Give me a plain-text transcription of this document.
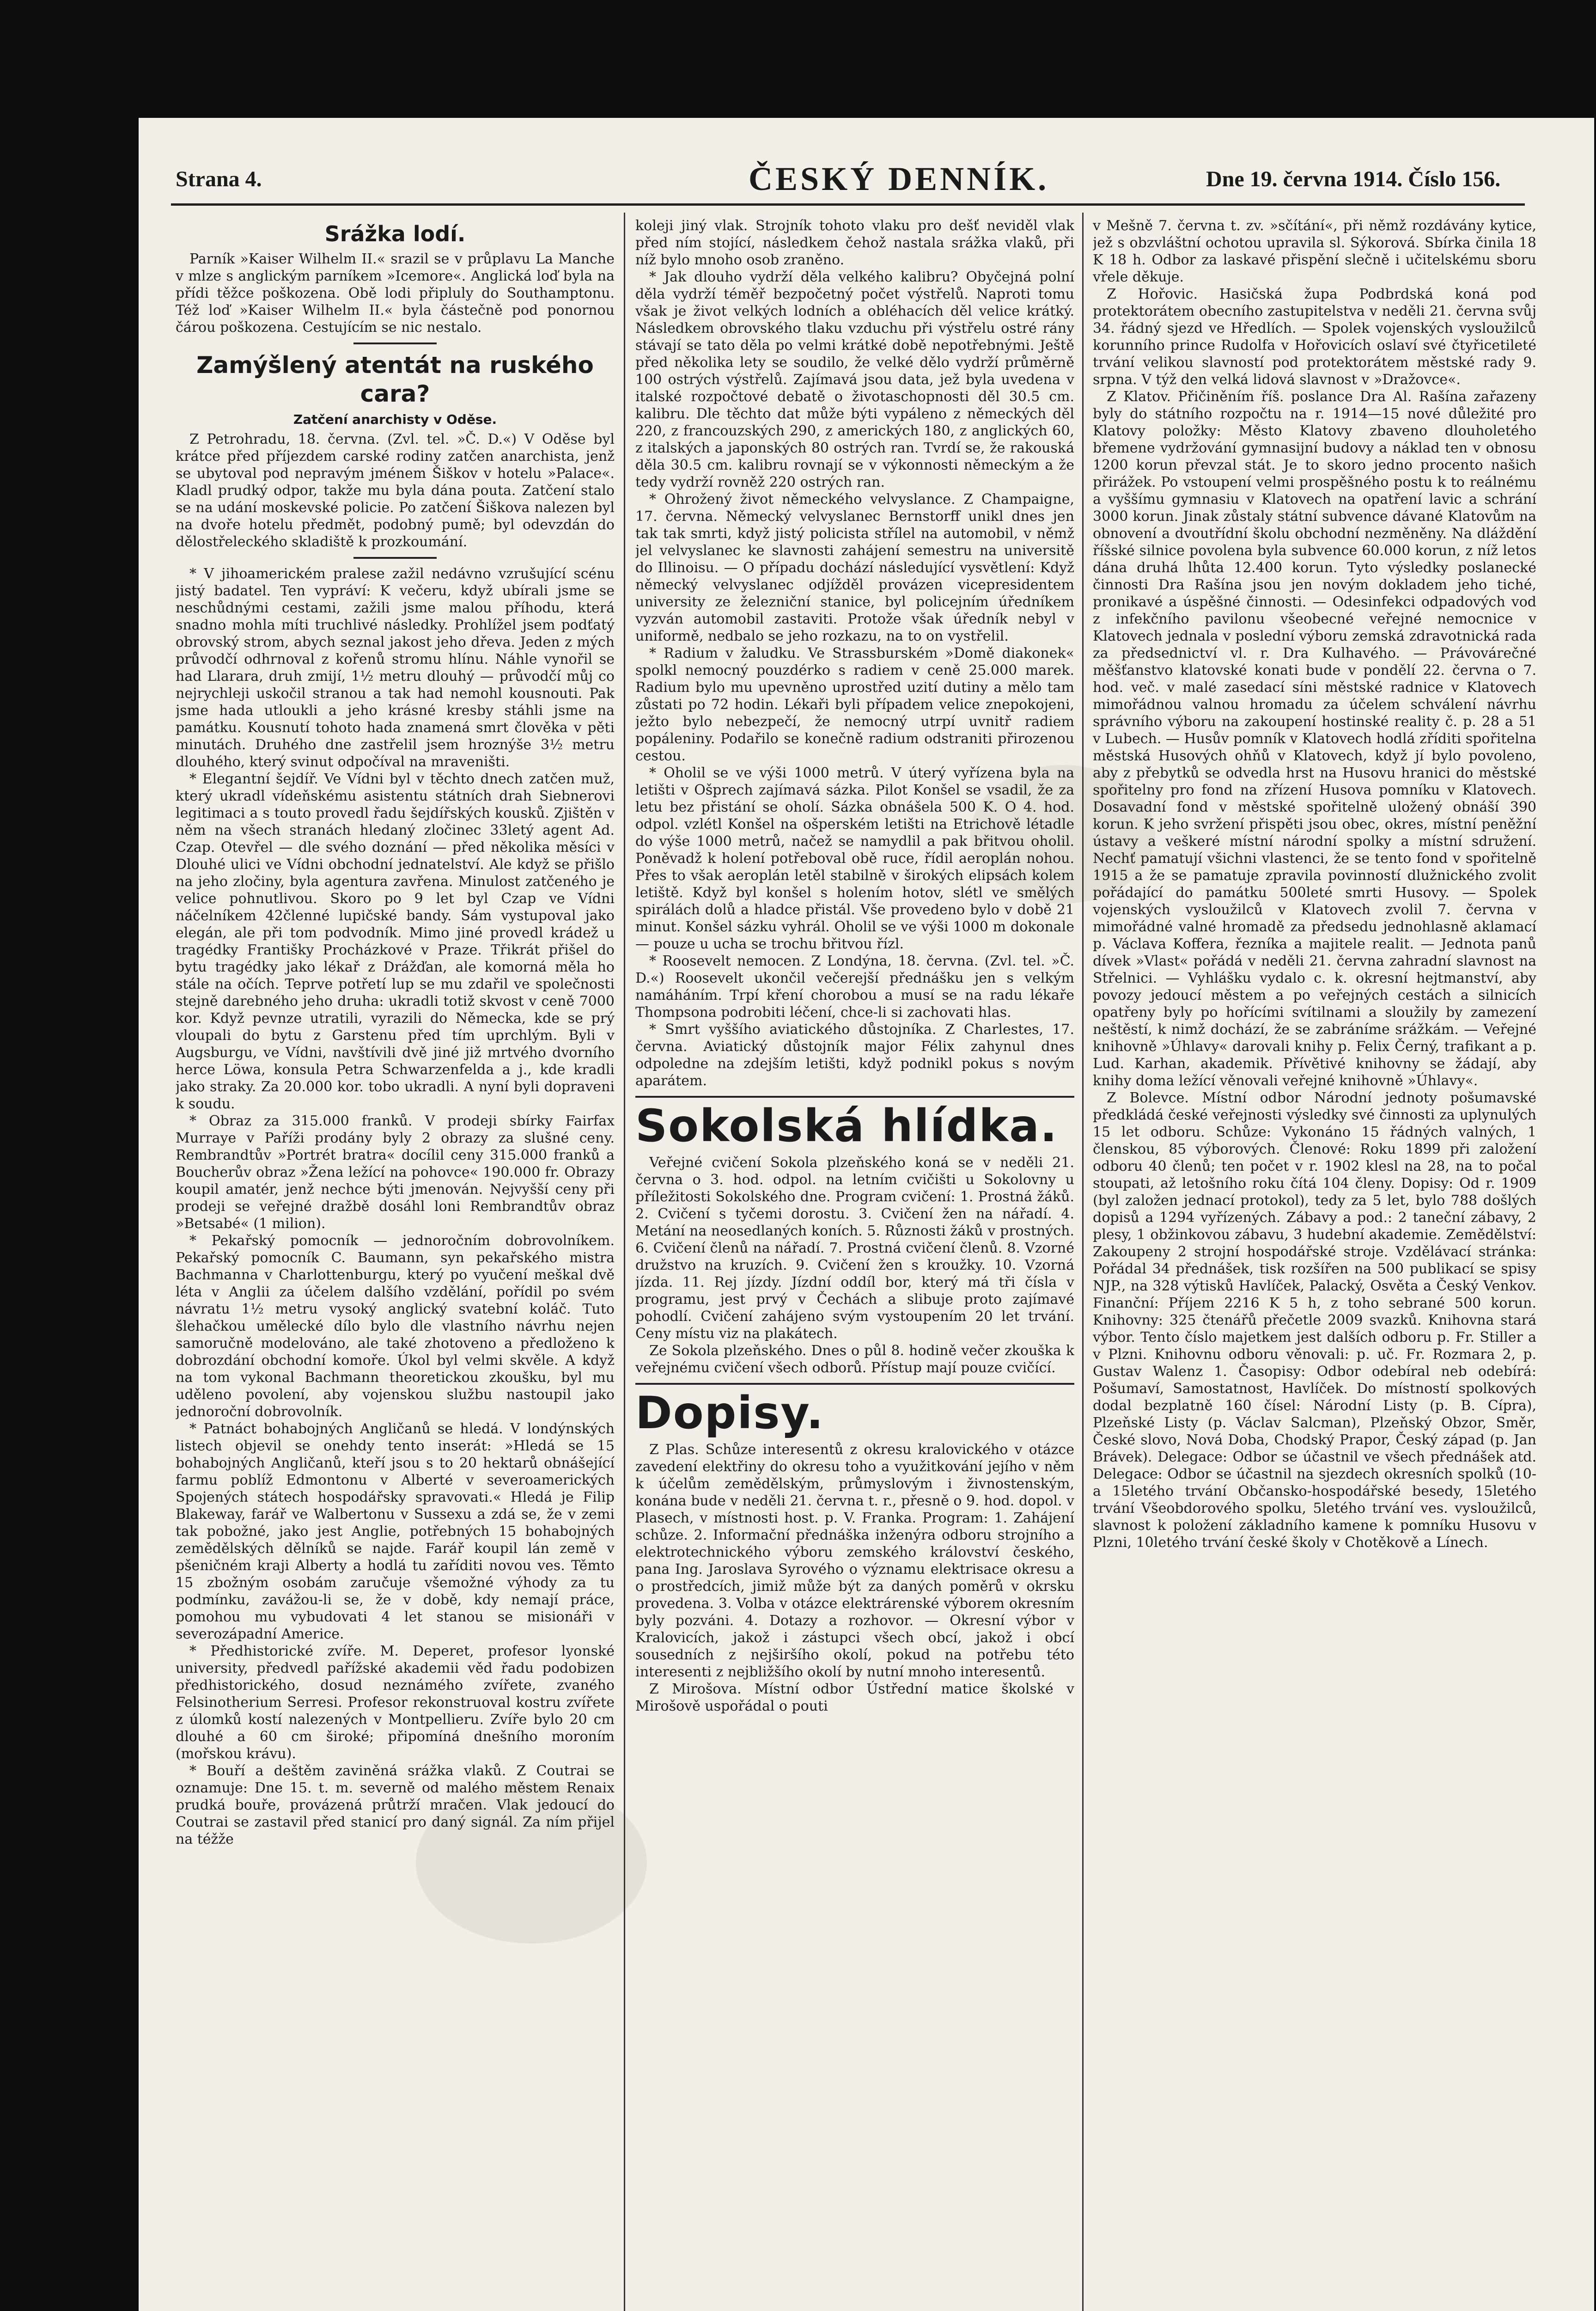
Strana 4.	ČESKÝ DENNÍK.	Dne 19. června 1914. Číslo 156.
Srážka lodí.

Parník »Kaiser Wilhelm II.« srazil se v průplavu La Manche v mlze s anglickým parníkem »Icemore«. Anglická loď byla na přídi těžce poškozena. Obě lodi připluly do Southamptonu. Též loď »Kaiser Wilhelm II.« byla částečně pod ponornou čárou poškozena. Cestujícím se nic nestalo.

Zamýšlený atentát na ruského cara?
Zatčení anarchisty v Oděse.

Z Petrohradu, 18. června. (Zvl. tel. »Č. D.«) V Oděse byl krátce před příjezdem carské rodiny zatčen anarchista, jenž se ubytoval pod nepravým jménem Šiškov v hotelu »Palace«. Kladl prudký odpor, takže mu byla dána pouta. Zatčení stalo se na udání moskevské policie. Po zatčení Šiškova nalezen byl na dvoře hotelu předmět, podobný pumě; byl odevzdán do dělostřeleckého skladiště k prozkoumání.

* V jihoamerickém pralese zažil nedávno vzrušující scénu jistý badatel. Ten vypráví: K večeru, když ubírali jsme se neschůdnými cestami, zažili jsme malou příhodu, která snadno mohla míti truchlivé následky. Prohlížel jsem podťatý obrovský strom, abych seznal jakost jeho dřeva. Jeden z mých průvodčí odhrnoval z kořenů stromu hlínu. Náhle vynořil se had Llarara, druh zmijí, 1½ metru dlouhý — průvodčí můj co nejrychleji uskočil stranou a tak had nemohl kousnouti. Pak jsme hada utloukli a jeho krásné kresby stáhli jsme na památku. Kousnutí tohoto hada znamená smrt člověka v pěti minutách. Druhého dne zastřelil jsem hroznýše 3½ metru dlouhého, který svinut odpočíval na mraveništi.

* Elegantní šejdíř. Ve Vídni byl v těchto dnech zatčen muž, který ukradl vídeňskému asistentu státních drah Siebnerovi legitimaci a s touto provedl řadu šejdířských kousků. Zjištěn v něm na všech stranách hledaný zločinec 33letý agent Ad. Czap. Otevřel — dle svého doznání — před několika měsíci v Dlouhé ulici ve Vídni obchodní jednatelství. Ale když se přišlo na jeho zločiny, byla agentura zavřena. Minulost zatčeného je velice pohnutlivou. Skoro po 9 let byl Czap ve Vídni náčelníkem 42členné lupičské bandy. Sám vystupoval jako elegán, ale při tom podvodník. Mimo jiné provedl krádež u tragédky Františky Procházkové v Praze. Třikrát přišel do bytu tragédky jako lékař z Drážďan, ale komorná měla ho stále na očích. Teprve potřetí lup se mu zdařil ve společnosti stejně darebného jeho druha: ukradli totiž skvost v ceně 7000 kor. Když pevnze utratili, vyrazili do Německa, kde se prý vloupali do bytu z Garstenu před tím uprchlým. Byli v Augsburgu, ve Vídni, navštívili dvě jiné již mrtvého dvorního herce Löwa, konsula Petra Schwarzenfelda a j., kde kradli jako straky. Za 20.000 kor. tobo ukradli. A nyní byli dopraveni k soudu.

* Obraz za 315.000 franků. V prodeji sbírky Fairfax Murraye v Paříži prodány byly 2 obrazy za slušné ceny. Rembrandtův »Portrét bratra« docílil ceny 315.000 franků a Boucherův obraz »Žena ležící na pohovce« 190.000 fr. Obrazy koupil amatér, jenž nechce býti jmenován. Nejvyšší ceny při prodeji se veřejné dražbě dosáhl loni Rembrandtův obraz »Betsabé« (1 milion).

* Pekařský pomocník — jednoročním dobrovolníkem. Pekařský pomocník C. Baumann, syn pekařského mistra Bachmanna v Charlottenburgu, který po vyučení meškal dvě léta v Anglii za účelem dalšího vzdělání, pořídil po svém návratu 1½ metru vysoký anglický svatební koláč. Tuto šlehačkou umělecké dílo bylo dle vlastního návrhu nejen samoručně modelováno, ale také zhotoveno a předloženo k dobrozdání obchodní komoře. Úkol byl velmi skvěle. A když na tom vykonal Bachmann theoretickou zkoušku, byl mu uděleno povolení, aby vojenskou službu nastoupil jako jednoroční dobrovolník.

* Patnáct bohabojných Angličanů se hledá. V londýnských listech objevil se onehdy tento inserát: »Hledá se 15 bohabojných Angličanů, kteří jsou s to 20 hektarů obnášející farmu poblíž Edmontonu v Alberté v severoamerických Spojených státech hospodářsky spravovati.« Hledá je Filip Blakeway, farář ve Walbertonu v Sussexu a zdá se, že v zemi tak pobožné, jako jest Anglie, potřebných 15 bohabojných zemědělských dělníků se najde. Farář koupil lán země v pšeničném kraji Alberty a hodlá tu zaříditi novou ves. Těmto 15 zbožným osobám zaručuje všemožné výhody za tu podmínku, zavážou-li se, že v době, kdy nemají práce, pomohou mu vybudovati 4 let stanou se misionáři v severozápadní Americe.

* Předhistorické zvíře. M. Deperet, profesor lyonské university, předvedl pařížské akademii věd řadu podobizen předhistorického, dosud neznámého zvířete, zvaného Felsinotherium Serresi. Profesor rekonstruoval kostru zvířete z úlomků kostí nalezených v Montpellieru. Zvíře bylo 20 cm dlouhé a 60 cm široké; připomíná dnešního moroním (mořskou krávu).

* Bouří a deštěm zaviněná srážka vlaků. Z Coutrai se oznamuje: Dne 15. t. m. severně od malého městem Renaix prudká bouře, provázená průtrží mračen. Vlak jedoucí do Coutrai se zastavil před stanicí pro daný signál. Za ním přijel na téžže

koleji jiný vlak. Strojník tohoto vlaku pro dešť neviděl vlak před ním stojící, následkem čehož nastala srážka vlaků, při níž bylo mnoho osob zraněno.

* Jak dlouho vydrží děla velkého kalibru? Obyčejná polní děla vydrží téměř bezpočetný počet výstřelů. Naproti tomu však je život velkých lodních a obléhacích děl velice krátký. Následkem obrovského tlaku vzduchu při výstřelu ostré rány stávají se tato děla po velmi krátké době nepotřebnými. Ještě před několika lety se soudilo, že velké dělo vydrží průměrně 100 ostrých výstřelů. Zajímavá jsou data, jež byla uvedena v italské rozpočtové debatě o životaschopnosti děl 30.5 cm. kalibru. Dle těchto dat může býti vypáleno z německých děl 220, z francouzských 290, z amerických 180, z anglických 60, z italských a japonských 80 ostrých ran. Tvrdí se, že rakouská děla 30.5 cm. kalibru rovnají se v výkonnosti německým a že tedy vydrží rovněž 220 ostrých ran.

* Ohrožený život německého velvyslance. Z Champaigne, 17. června. Německý velvyslanec Bernstorff unikl dnes jen tak tak smrti, když jistý policista střílel na automobil, v němž jel velvyslanec ke slavnosti zahájení semestru na universitě do Illinoisu. — O případu dochází následující vysvětlení: Když německý velvyslanec odjížděl provázen vicepresidentem university ze železniční stanice, byl policejním úředníkem vyzván automobil zastaviti. Protože však úředník nebyl v uniformě, nedbalo se jeho rozkazu, na to on vystřelil.

* Radium v žaludku. Ve Strassburském »Domě diakonek« spolkl nemocný pouzdérko s radiem v ceně 25.000 marek. Radium bylo mu upevněno uprostřed uzití dutiny a mělo tam zůstati po 72 hodin. Lékaři byli případem velice znepokojeni, ježto bylo nebezpečí, že nemocný utrpí uvnitř radiem popáleniny. Podařilo se konečně radium odstraniti přirozenou cestou.

* Oholil se ve výši 1000 metrů. V úterý vyřízena byla na letišti v Ošprech zajímavá sázka. Pilot Konšel se vsadil, že za letu bez přistání se oholí. Sázka obnášela 500 K. O 4. hod. odpol. vzlétl Konšel na ošperském letišti na Etrichově létadle do výše 1000 metrů, načež se namydlil a pak břitvou oholil. Poněvadž k holení potřeboval obě ruce, řídil aeroplán nohou. Přes to však aeroplán letěl stabilně v širokých elipsách kolem letiště. Když byl konšel s holením hotov, slétl ve smělých spirálách dolů a hladce přistál. Vše provedeno bylo v době 21 minut. Konšel sázku vyhrál. Oholil se ve výši 1000 m dokonale — pouze u ucha se trochu břitvou řízl.

* Roosevelt nemocen. Z Londýna, 18. června. (Zvl. tel. »Č. D.«) Roosevelt ukončil večerejší přednášku jen s velkým namáháním. Trpí kření chorobou a musí se na radu lékaře Thompsona podrobiti léčení, chce-li si zachovati hlas.

* Smrt vyššího aviatického důstojníka. Z Charlestes, 17. června. Aviatický důstojník major Félix zahynul dnes odpoledne na zdejším letišti, když podnikl pokus s novým aparátem.

Sokolská hlídka.

Veřejné cvičení Sokola plzeňského koná se v neděli 21. června o 3. hod. odpol. na letním cvičišti u Sokolovny u příležitosti Sokolského dne. Program cvičení: 1. Prostná žáků. 2. Cvičení s tyčemi dorostu. 3. Cvičení žen na nářadí. 4. Metání na neosedlaných koních. 5. Různosti žáků v prostných. 6. Cvičení členů na nářadí. 7. Prostná cvičení členů. 8. Vzorné družstvo na kruzích. 9. Cvičení žen s kroužky. 10. Vzorná jízda. 11. Rej jízdy. Jízdní oddíl bor, který má tři čísla v programu, jest prvý v Čechách a slibuje proto zajímavé pohodlí. Cvičení zahájeno svým vystoupením 20 let trvání. Ceny místu viz na plakátech.

Ze Sokola plzeňského. Dnes o půl 8. hodině večer zkouška k veřejnému cvičení všech odborů. Přístup mají pouze cvičící.

Dopisy.

Z Plas. Schůze interesentů z okresu kralovického v otázce zavedení elektřiny do okresu toho a využitkování jejího v něm k účelům zemědělským, průmyslovým i živnostenským, konána bude v neděli 21. června t. r., přesně o 9. hod. dopol. v Plasech, v místnosti host. p. V. Franka. Program: 1. Zahájení schůze. 2. Informační přednáška inženýra odboru strojního a elektrotechnického výboru zemského království českého, pana Ing. Jaroslava Syrového o významu elektrisace okresu a o prostředcích, jimiž může být za daných poměrů v okrsku provedena. 3. Volba v otázce elektrárenské výborem okresním byly pozváni. 4. Dotazy a rozhovor. — Okresní výbor v Kralovicích, jakož i zástupci všech obcí, jakož i obcí sousedních z nejširšího okolí, pokud na potřebu této interesenti z nejbližšího okolí by nutní mnoho interesentů.

Z Mirošova. Místní odbor Ústřední matice školské v Mirošově uspořádal o pouti

v Mešně 7. června t. zv. »sčítání«, při němž rozdávány kytice, jež s obzvláštní ochotou upravila sl. Sýkorová. Sbírka činila 18 K 18 h. Odbor za laskavé přispění slečně i učitelskému sboru vřele děkuje.

Z Hořovic. Hasičská župa Podbrdská koná pod protektorátem obecního zastupitelstva v neděli 21. června svůj 34. řádný sjezd ve Hředlích. — Spolek vojenských vysloužilců korunního prince Rudolfa v Hořovicích oslaví své čtyřicetileté trvání velikou slavností pod protektorátem městské rady 9. srpna. V týž den velká lidová slavnost v »Dražovce«.

Z Klatov. Přičiněním říš. poslance Dra Al. Rašína zařazeny byly do státního rozpočtu na r. 1914—15 nové důležité pro Klatovy položky: Město Klatovy zbaveno dlouholetého břemene vydržování gymnasijní budovy a náklad ten v obnosu 1200 korun převzal stát. Je to skoro jedno procento našich přirážek. Po vstoupení velmi prospěšného postu k to reálnému a vyššímu gymnasiu v Klatovech na opatření lavic a schrání 3000 korun. Jinak zůstaly státní subvence dávané Klatovům na obnovení a dvoutřídní školu obchodní nezměněny. Na dláždění říšské silnice povolena byla subvence 60.000 korun, z níž letos dána druhá lhůta 12.400 korun. Tyto výsledky poslanecké činnosti Dra Rašína jsou jen novým dokladem jeho tiché, pronikavé a úspěšné činnosti. — Odesinfekci odpadových vod z infekčního pavilonu všeobecné veřejné nemocnice v Klatovech jednala v poslední výboru zemská zdravotnická rada za předsednictví vl. r. Dra Kulhavého. — Právovárečné měšťanstvo klatovské konati bude v pondělí 22. června o 7. hod. več. v malé zasedací síni městské radnice v Klatovech mimořádnou valnou hromadu za účelem schválení návrhu správního výboru na zakoupení hostinské reality č. p. 28 a 51 v Lubech. — Husův pomník v Klatovech hodlá zříditi spořitelna městská Husových ohňů v Klatovech, když jí bylo povoleno, aby z přebytků se odvedla hrst na Husovu hranici do městské spořitelny pro fond na zřízení Husova pomníku v Klatovech. Dosavadní fond v městské spořitelně uložený obnáší 390 korun. K jeho svržení přispěti jsou obec, okres, místní peněžní ústavy a veškeré místní národní spolky a místní sdružení. Nechť pamatují všichni vlastenci, že se tento fond v spořitelně 1915 a že se pamatuje zpravila povinností dlužnického zvolit pořádající do památku 500leté smrti Husovy. — Spolek vojenských vysloužilců v Klatovech zvolil 7. června v mimořádné valné hromadě za předsedu jednohlasně aklamací p. Václava Koffera, řezníka a majitele realit. — Jednota panů dívek »Vlast« pořádá v neděli 21. června zahradní slavnost na Střelnici. — Vyhlášku vydalo c. k. okresní hejtmanství, aby povozy jedoucí městem a po veřejných cestách a silnicích opatřeny byly po hořícími svítilnami a sloužily by zamezení neštěstí, k nimž dochází, že se zabráníme srážkám. — Veřejné knihovně »Úhlavy« darovali knihy p. Felix Černý, trafikant a p. Lud. Karhan, akademik. Přívětivé knihovny se žádají, aby knihy doma ležící věnovali veřejné knihovně »Úhlavy«.

Z Bolevce. Místní odbor Národní jednoty pošumavské předkládá české veřejnosti výsledky své činnosti za uplynulých 15 let odboru. Schůze: Vykonáno 15 řádných valných, 1 členskou, 85 výborových. Členové: Roku 1899 při založení odboru 40 členů; ten počet v r. 1902 klesl na 28, na to počal stoupati, až letošního roku čítá 104 členy. Dopisy: Od r. 1909 (byl založen jednací protokol), tedy za 5 let, bylo 788 došlých dopisů a 1294 vyřízených. Zábavy a pod.: 2 taneční zábavy, 2 plesy, 1 obžinkovou zábavu, 3 hudební akademie. Zemědělství: Zakoupeny 2 strojní hospodářské stroje. Vzdělávací stránka: Pořádal 34 přednášek, tisk rozšířen na 500 publikací se spisy NJP., na 328 výtisků Havlíček, Palacký, Osvěta a Český Venkov. Finanční: Příjem 2216 K 5 h, z toho sebrané 500 korun. Knihovny: 325 čtenářů přečetle 2009 svazků. Knihovna stará výbor. Tento číslo majetkem jest dalších odboru p. Fr. Stiller a v Plzni. Knihovnu odboru věnovali: p. uč. Fr. Rozmara 2, p. Gustav Walenz 1. Časopisy: Odbor odebíral neb odebírá: Pošumaví, Samostatnost, Havlíček. Do místností spolkových dodal bezplatně 160 čísel: Národní Listy (p. B. Cípra), Plzeňské Listy (p. Václav Salcman), Plzeňský Obzor, Směr, České slovo, Nová Doba, Chodský Prapor, Český západ (p. Jan Brávek). Delegace: Odbor se účastnil ve všech přednášek atd. Delegace: Odbor se účastnil na sjezdech okresních spolků (10- a 15letého trvání Občansko-hospodářské besedy, 15letého trvání Všeobdorového spolku, 5letého trvání ves. vysloužilců, slavnost k položení základního kamene k pomníku Husovu v Plzni, 10letého trvání české školy v Chotěkově a Línech.
